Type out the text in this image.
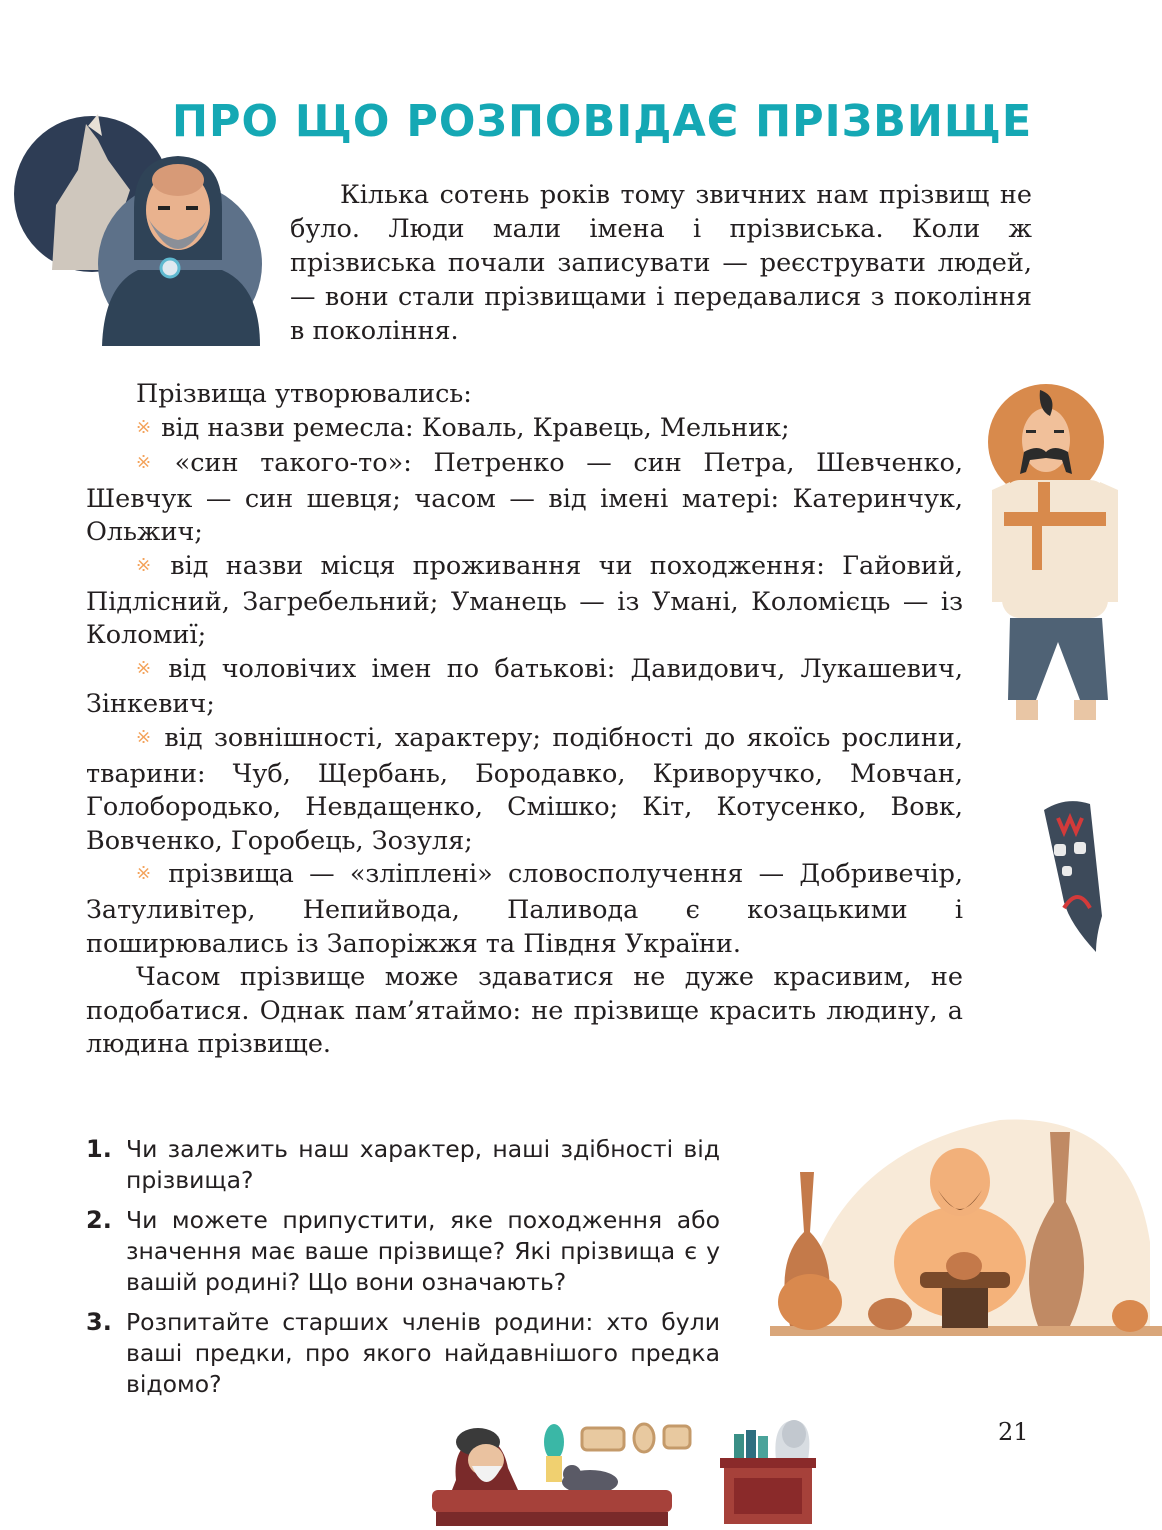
ПРО ЩО РОЗПОВІДАЄ ПРІЗВИЩЕ

Кілька сотень років тому звичних нам прізвищ не було. Люди мали імена і прізвиська. Коли ж прізвиська почали записувати — реєструвати людей, — вони стали прізвищами і передавалися з покоління в покоління.

Прізвища утворювались:

※ від назви ремесла: Коваль, Кравець, Мельник;

※ «син такого-то»: Петренко — син Петра, Шевченко, Шевчук — син шевця; часом — від імені матері: Катеринчук, Ольжич;

※ від назви місця проживання чи походження: Гайовий, Підлісний, Загребельний; Уманець — із Умані, Коломієць — із Коломиї;

※ від чоловічих імен по батькові: Давидович, Лукашевич, Зінкевич;

※ від зовнішності, характеру; подібності до якоїсь рослини, тварини: Чуб, Щербань, Бородавко, Криворучко, Мовчан, Голобородько, Невдащенко, Смішко; Кіт, Котусенко, Вовк, Вовченко, Горобець, Зозуля;

※ прізвища — «зліплені» словосполучення — Добривечір, Затуливітер, Непийвода, Паливода є козацькими і поширювались із Запоріжжя та Півдня України.

Часом прізвище може здаватися не дуже красивим, не подобатися. Однак пам’ятаймо: не прізвище красить людину, а людина прізвище.

1. Чи залежить наш характер, наші здібності від прізвища?
2. Чи можете припустити, яке походження або значення має ваше прізвище? Які прізвища є у вашій родині? Що вони означають?
3. Розпитайте старших членів родини: хто були ваші предки, про якого найдавнішого предка відомо?
21
